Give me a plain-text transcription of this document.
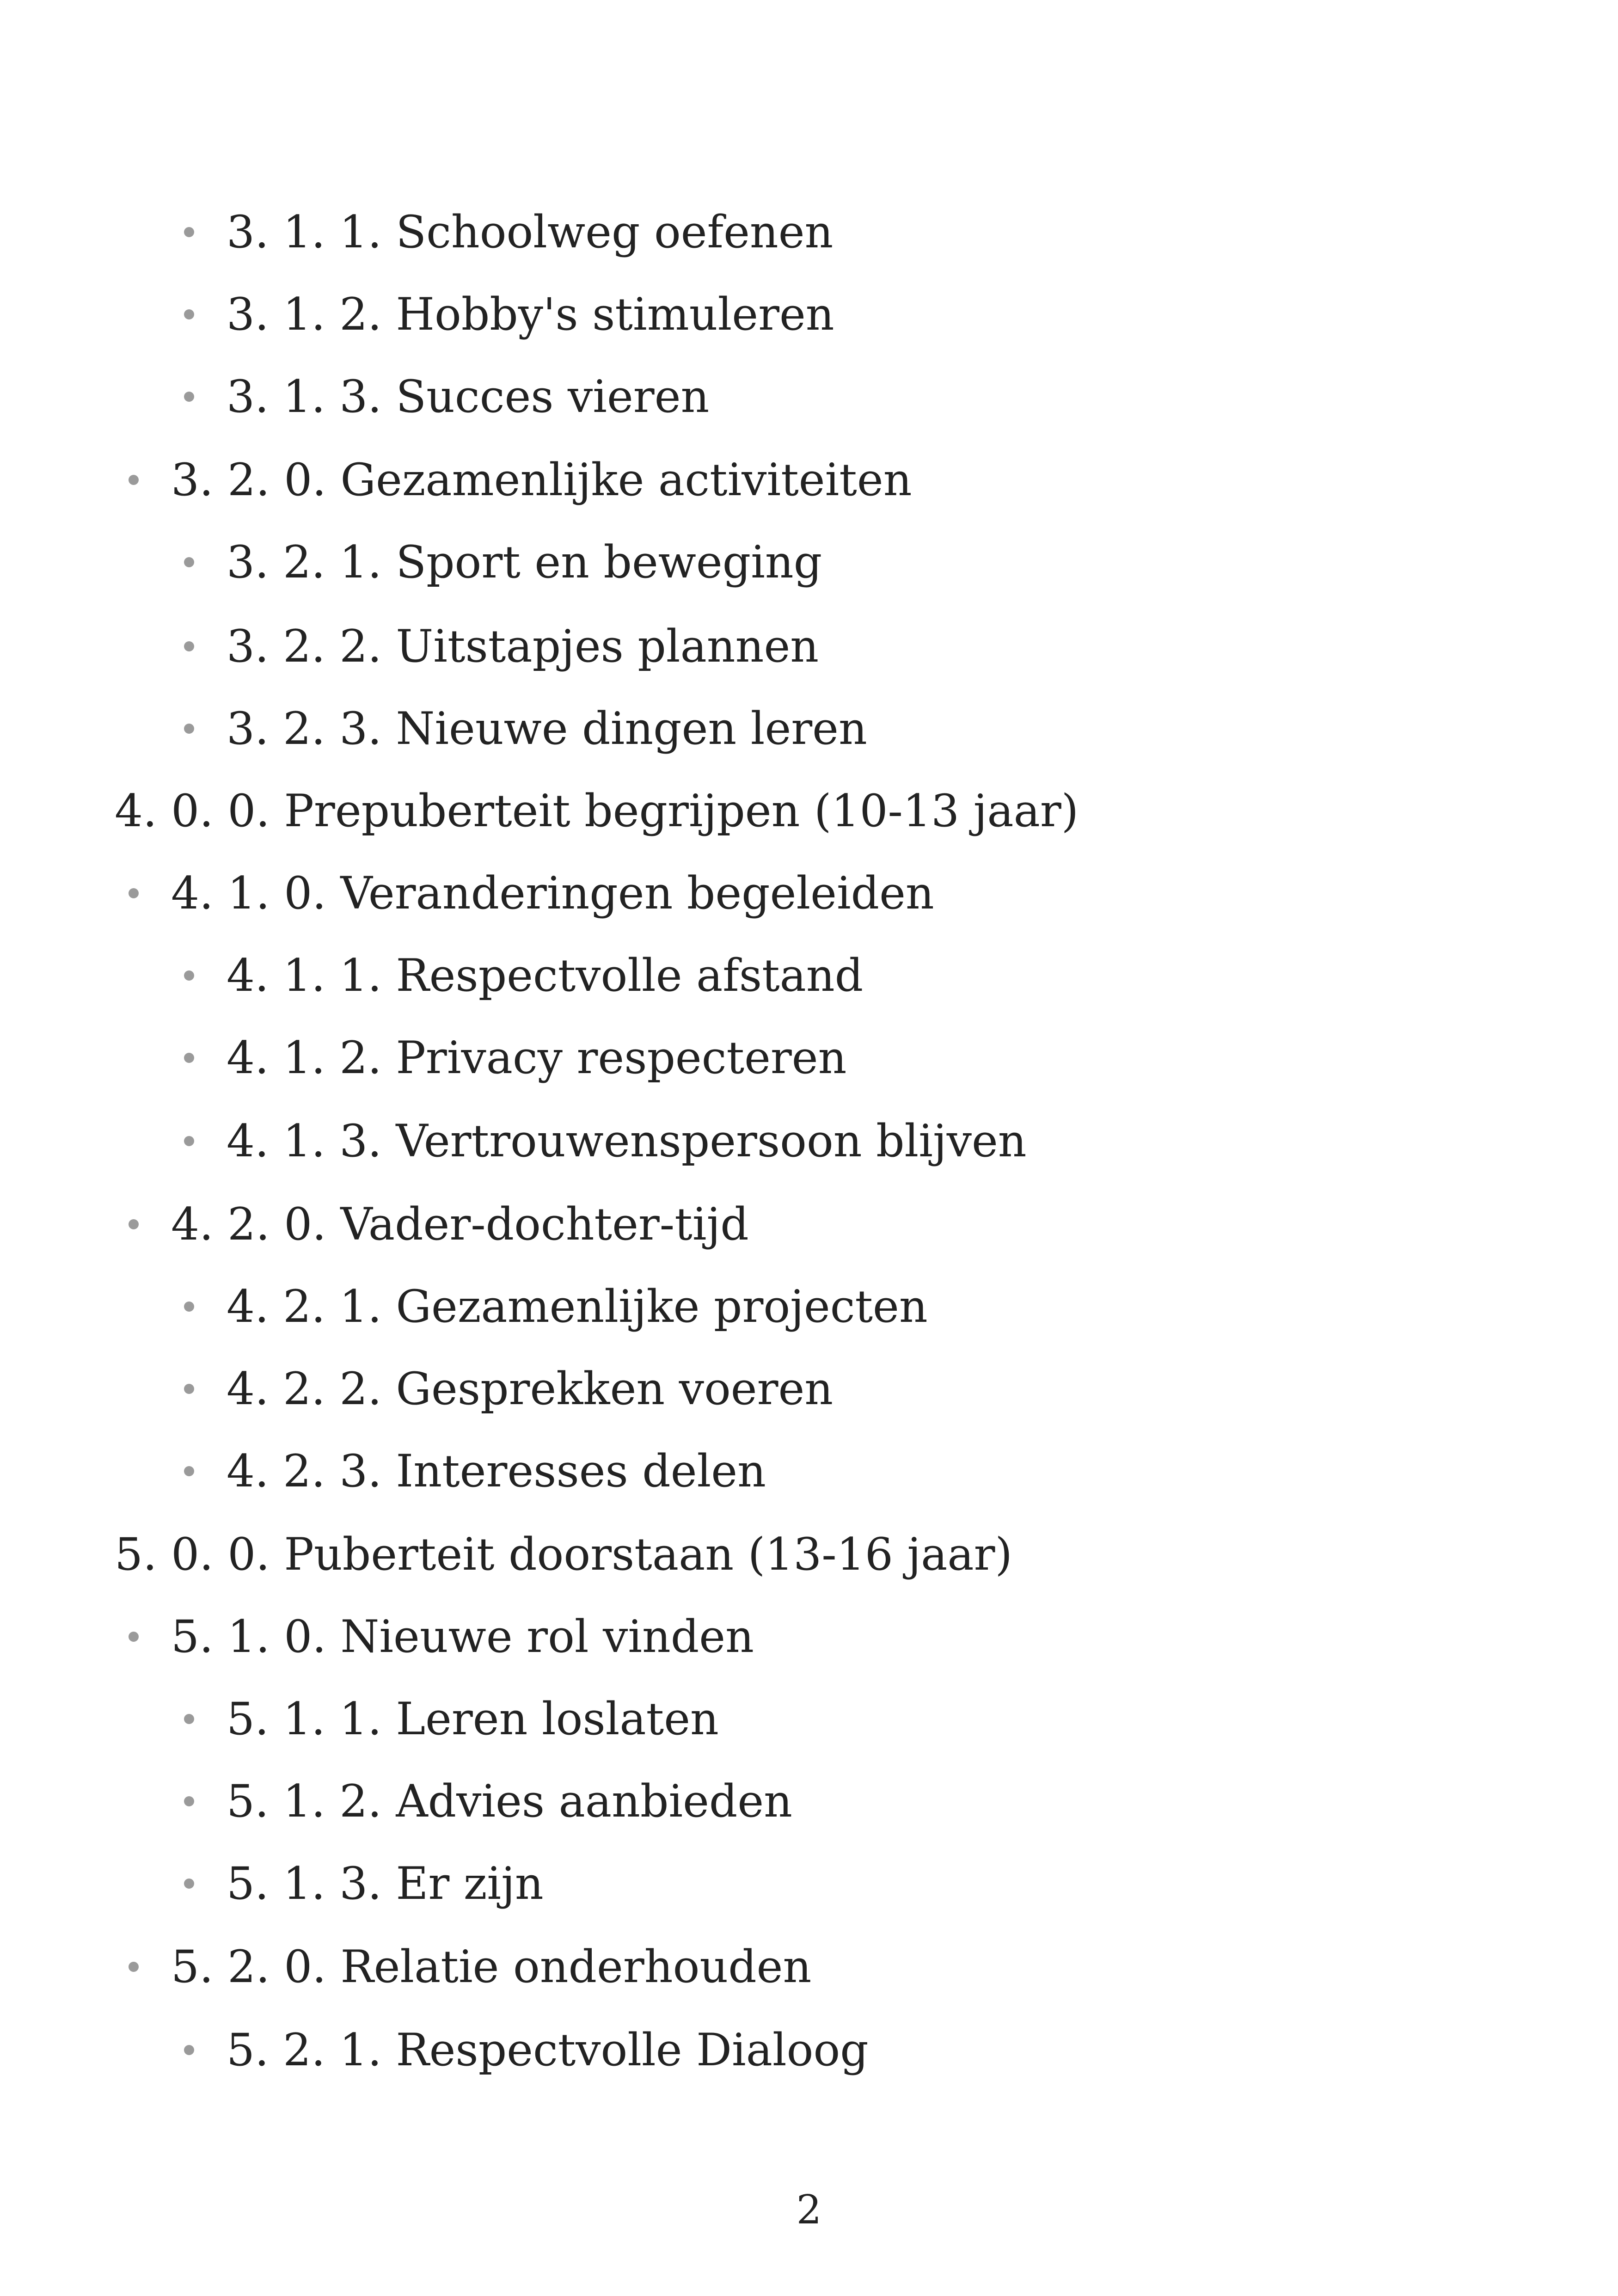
3. 1. 1. Schoolweg oefenen
3. 1. 2. Hobby's stimuleren
3. 1. 3. Succes vieren
3. 2. 0. Gezamenlijke activiteiten
3. 2. 1. Sport en beweging
3. 2. 2. Uitstapjes plannen
3. 2. 3. Nieuwe dingen leren
4. 0. 0. Prepuberteit begrijpen (10-13 jaar)
4. 1. 0. Veranderingen begeleiden
4. 1. 1. Respectvolle afstand
4. 1. 2. Privacy respecteren
4. 1. 3. Vertrouwenspersoon blijven
4. 2. 0. Vader-dochter-tijd
4. 2. 1. Gezamenlijke projecten
4. 2. 2. Gesprekken voeren
4. 2. 3. Interesses delen
5. 0. 0. Puberteit doorstaan (13-16 jaar)
5. 1. 0. Nieuwe rol vinden
5. 1. 1. Leren loslaten
5. 1. 2. Advies aanbieden
5. 1. 3. Er zijn
5. 2. 0. Relatie onderhouden
5. 2. 1. Respectvolle Dialoog
2
